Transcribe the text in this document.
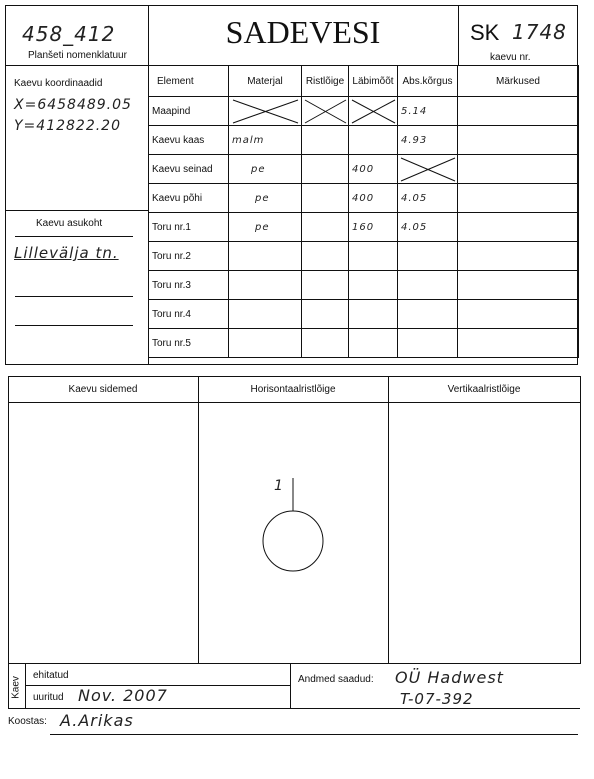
458_412
Planšeti nomenklatuur
SADEVESI	SK 1748
kaevu nr.
Kaevu koordinaadid
X=6458489.05
Y=412822.20
Kaevu asukoht
Lillevälja tn.
Element	Materjal	Ristlõige	Läbimõõt	Abs.kõrgus	Märkused
Maapind				5.14	
Kaevu kaas	malm			4.93	
Kaevu seinad	pe		400	

Kaevu põhi	pe		400	4.05	
Toru nr.1	pe		160	4.05	
Toru nr.2					
Toru nr.3					
Toru nr.4					
Toru nr.5					
Kaevu sidemed	Horisontaalristlõige	Vertikaalristlõige
1
Kaev
ehitatud
uuritud Nov. 2007
Andmed saadud: OÜ Hadwest
T-07-392
Koostas: A.Arikas
